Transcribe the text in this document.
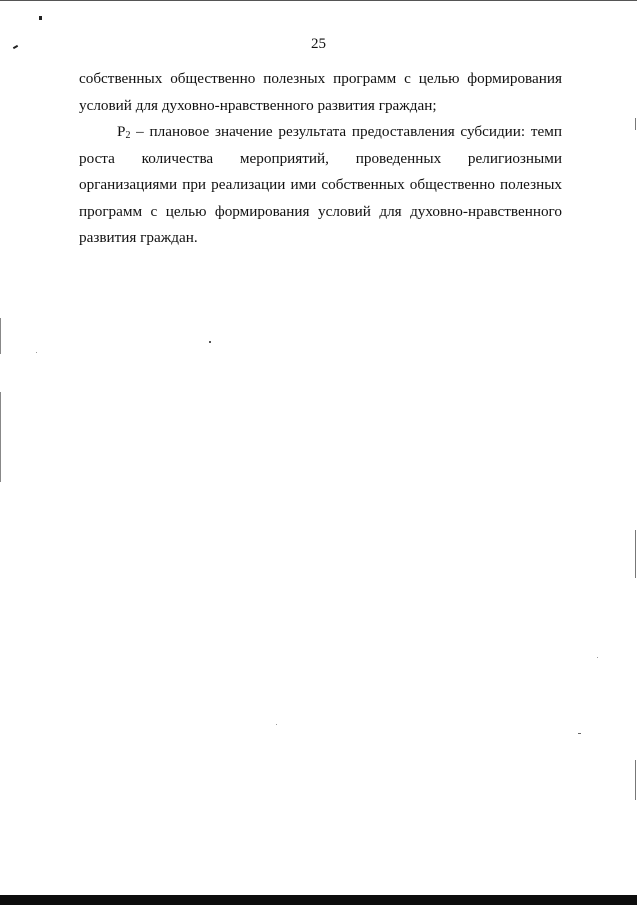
25

собственных общественно полезных программ с целью формирования условий для духовно-нравственного развития граждан;

$P_2$ – плановое значение результата предоставления субсидии: темп роста количества мероприятий, проведенных религиозными организациями при реализации ими собственных общественно полезных программ с целью формирования условий для духовно-нравственного развития граждан.
